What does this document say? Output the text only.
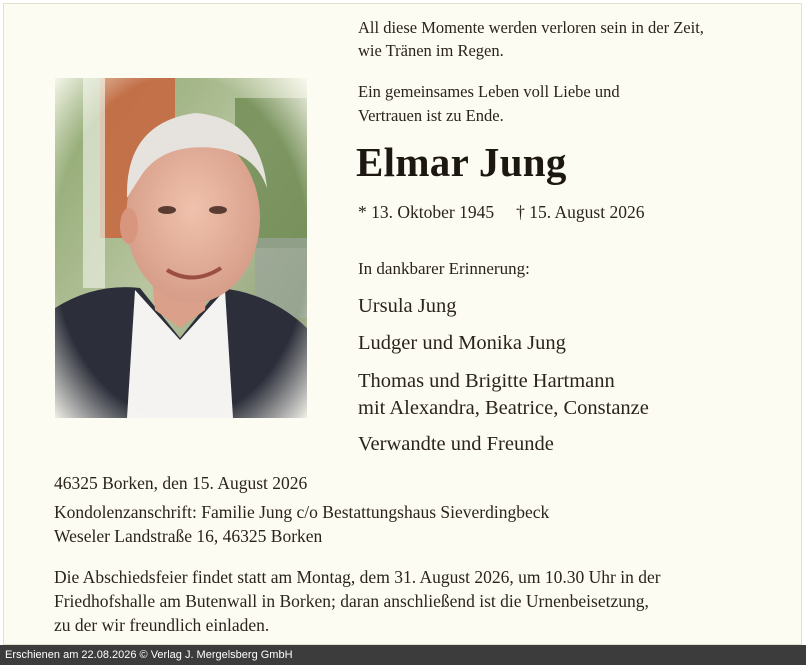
All diese Momente werden verloren sein in der Zeit,
wie Tränen im Regen.
Ein gemeinsames Leben voll Liebe und
Vertrauen ist zu Ende.
Elmar Jung
* 13. Oktober 1945 † 15. August 2026
In dankbarer Erinnerung:
Ursula Jung
Ludger und Monika Jung
Thomas und Brigitte Hartmann
mit Alexandra, Beatrice, Constanze
Verwandte und Freunde
46325 Borken, den 15. August 2026
Kondolenzanschrift: Familie Jung c/o Bestattungshaus Sieverdingbeck
Weseler Landstraße 16, 46325 Borken
Die Abschiedsfeier findet statt am Montag, dem 31. August 2026, um 10.30 Uhr in der
Friedhofshalle am Butenwall in Borken; daran anschließend ist die Urnenbeisetzung,
zu der wir freundlich einladen.
Erschienen am 22.08.2026 © Verlag J. Mergelsberg GmbH
